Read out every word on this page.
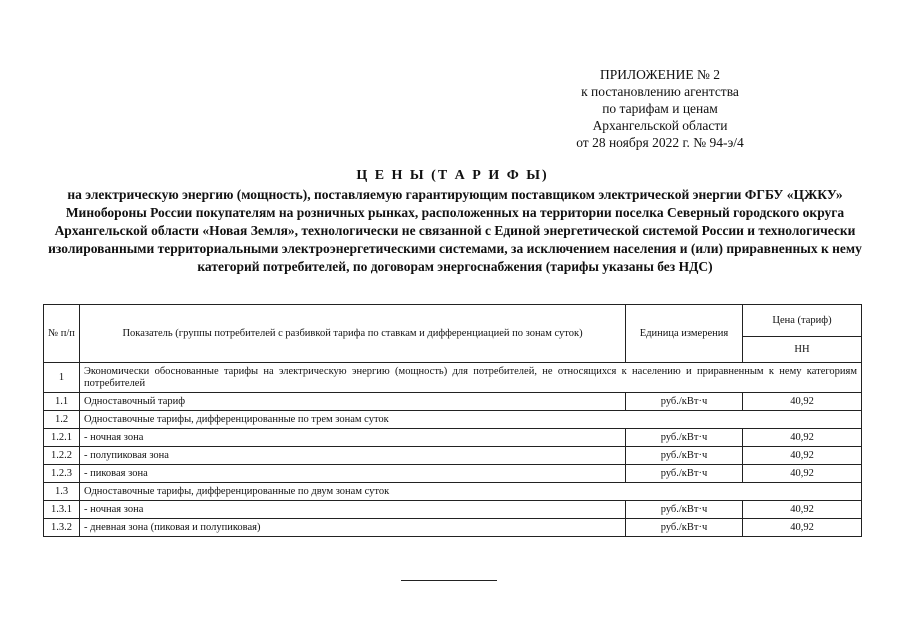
ПРИЛОЖЕНИЕ № 2
к постановлению агентства
по тарифам и ценам
Архангельской области
от 28 ноября 2022 г. № 94-э/4
Ц Е Н Ы (Т А Р И Ф Ы)
на электрическую энергию (мощность), поставляемую гарантирующим поставщиком электрической энергии ФГБУ «ЦЖКУ» Минобороны России покупателям на розничных рынках, расположенных на территории поселка Северный городского округа Архангельской области «Новая Земля», технологически не связанной с Единой энергетической системой России и технологически изолированными территориальными электроэнергетическими системами, за исключением населения и (или) приравненных к нему категорий потребителей, по договорам энергоснабжения (тарифы указаны без НДС)
№ п/п	Показатель (группы потребителей с разбивкой тарифа по ставкам и дифференциацией по зонам суток)	Единица измерения	Цена (тариф)
			НН
1	Экономически обоснованные тарифы на электрическую энергию (мощность) для потребителей, не относящихся к населению и приравненным к нему категориям потребителей		
1.1	Одноставочный тариф	руб./кВт·ч	40,92
1.2	Одноставочные тарифы, дифференцированные по трем зонам суток		
1.2.1	- ночная зона	руб./кВт·ч	40,92
1.2.2	- полупиковая зона	руб./кВт·ч	40,92
1.2.3	- пиковая зона	руб./кВт·ч	40,92
1.3	Одноставочные тарифы, дифференцированные по двум зонам суток		
1.3.1	- ночная зона	руб./кВт·ч	40,92
1.3.2	- дневная зона (пиковая и полупиковая)	руб./кВт·ч	40,92
